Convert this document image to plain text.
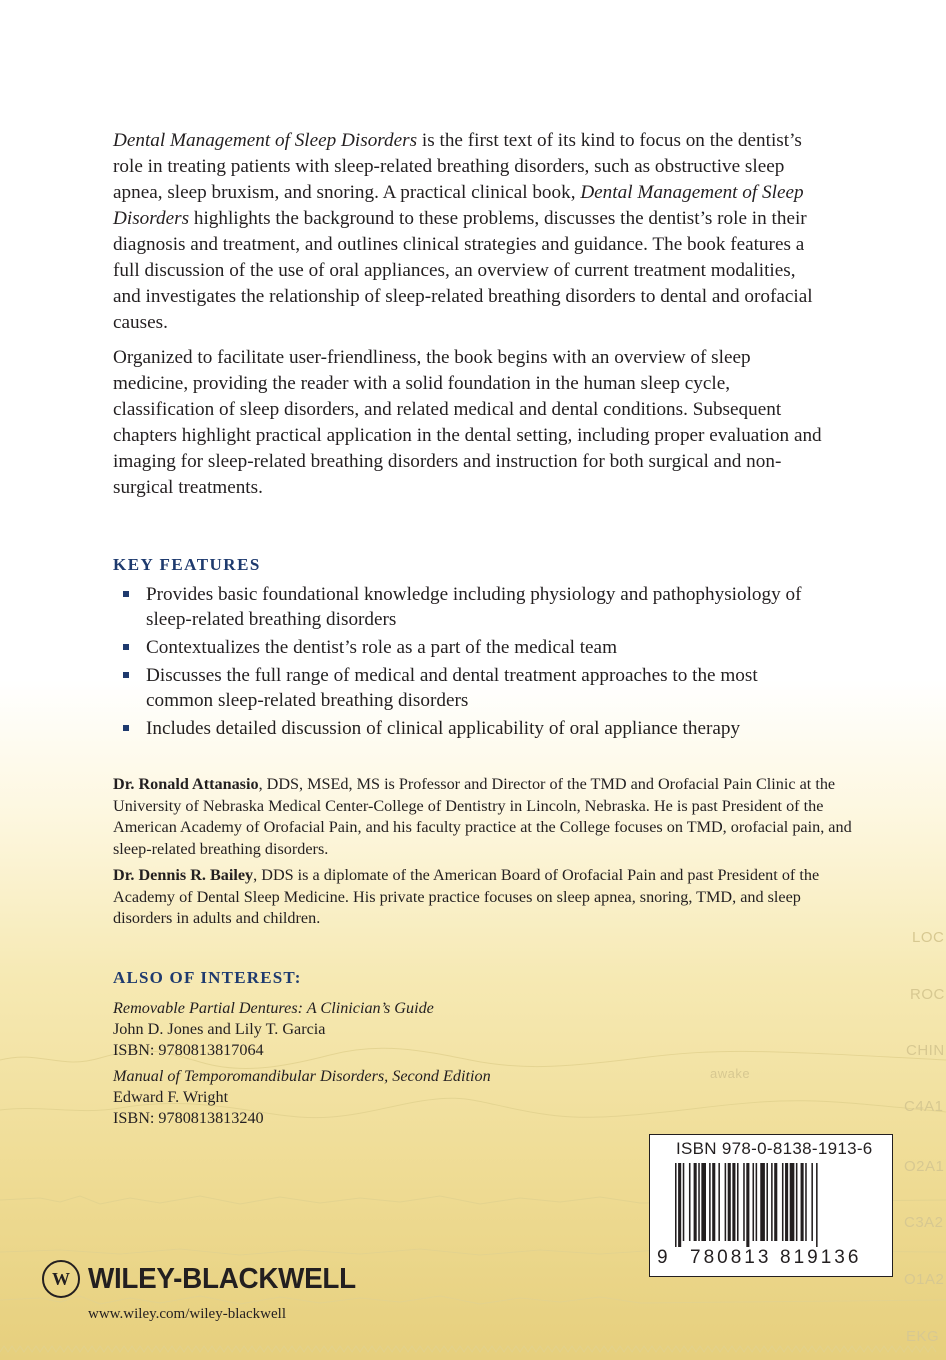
LOC
ROC
CHIN
awake
C4A1
O2A1
C3A2
O1A2
EKG

Dental Management of Sleep Disorders is the first text of its kind to focus on the dentist’s role in treating patients with sleep-related breathing disorders, such as obstructive sleep apnea, sleep bruxism, and snoring. A practical clinical book, Dental Management of Sleep Disorders highlights the background to these problems, discusses the dentist’s role in their diagnosis and treatment, and outlines clinical strategies and guidance. The book features a full discussion of the use of oral appliances, an overview of current treatment modalities, and investigates the relationship of sleep-related breathing disorders to dental and orofacial causes.

Organized to facilitate user-friendliness, the book begins with an overview of sleep medicine, providing the reader with a solid foundation in the human sleep cycle, classification of sleep disorders, and related medical and dental conditions. Subsequent chapters highlight practical application in the dental setting, including proper evaluation and imaging for sleep-related breathing disorders and instruction for both surgical and non-surgical treatments.

KEY FEATURES
Provides basic foundational knowledge including physiology and pathophysiology of sleep-related breathing disorders
Contextualizes the dentist’s role as a part of the medical team
Discusses the full range of medical and dental treatment approaches to the most common sleep-related breathing disorders
Includes detailed discussion of clinical applicability of oral appliance therapy

Dr. Ronald Attanasio, DDS, MSEd, MS is Professor and Director of the TMD and Orofacial Pain Clinic at the University of Nebraska Medical Center-College of Dentistry in Lincoln, Nebraska. He is past President of the American Academy of Orofacial Pain, and his faculty practice at the College focuses on TMD, orofacial pain, and sleep-related breathing disorders.

Dr. Dennis R. Bailey, DDS is a diplomate of the American Board of Orofacial Pain and past President of the Academy of Dental Sleep Medicine. His private practice focuses on sleep apnea, snoring, TMD, and sleep disorders in adults and children.

ALSO OF INTEREST:
Removable Partial Dentures: A Clinician’s Guide
John D. Jones and Lily T. Garcia
ISBN: 9780813817064
Manual of Temporomandibular Disorders, Second Edition
Edward F. Wright
ISBN: 9780813813240
W WILEY-BLACKWELL
www.wiley.com/wiley-blackwell
ISBN 978-0-8138-1913-6
9 780813 819136
